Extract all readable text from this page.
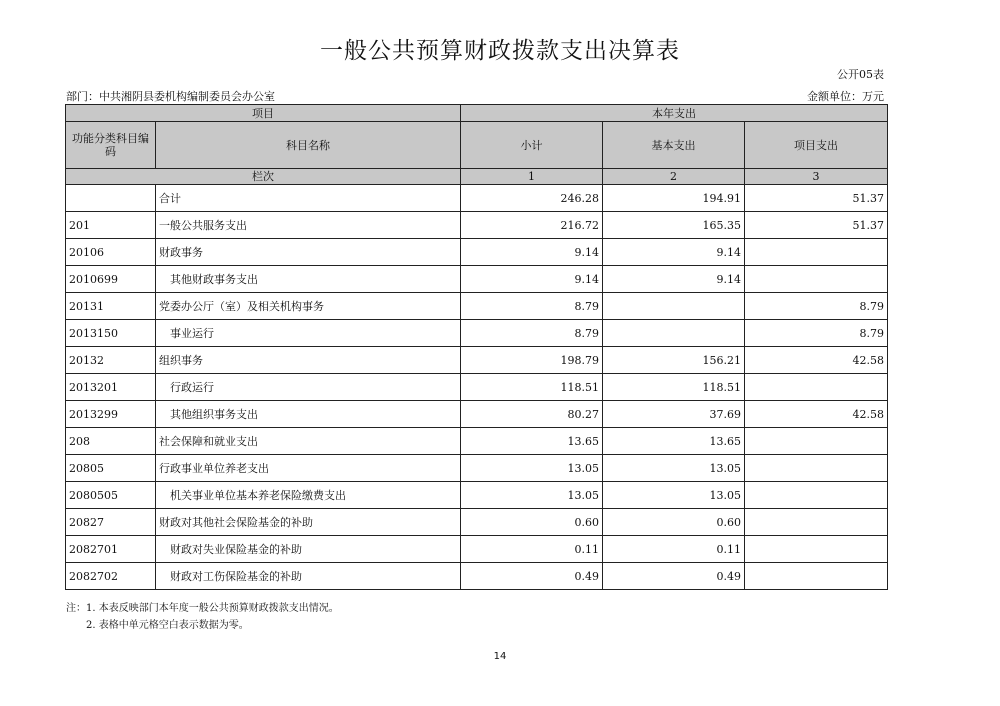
一般公共预算财政拨款支出决算表
公开05表
部门：中共湘阴县委机构编制委员会办公室	金额单位：万元
项目		本年支出		
功能分类科目编码	科目名称	小计	基本支出	项目支出
栏次		1	2	3
	合计	246.28	194.91	51.37
201	一般公共服务支出	216.72	165.35	51.37
20106	财政事务	9.14	9.14	
2010699	其他财政事务支出	9.14	9.14	
20131	党委办公厅（室）及相关机构事务	8.79		8.79
2013150	事业运行	8.79		8.79
20132	组织事务	198.79	156.21	42.58
2013201	行政运行	118.51	118.51	
2013299	其他组织事务支出	80.27	37.69	42.58
208	社会保障和就业支出	13.65	13.65	
20805	行政事业单位养老支出	13.05	13.05	
2080505	机关事业单位基本养老保险缴费支出	13.05	13.05	
20827	财政对其他社会保险基金的补助	0.60	0.60	
2082701	财政对失业保险基金的补助	0.11	0.11	
2082702	财政对工伤保险基金的补助	0.49	0.49	
注：1. 本表反映部门本年度一般公共预算财政拨款支出情况。
2. 表格中单元格空白表示数据为零。
14
